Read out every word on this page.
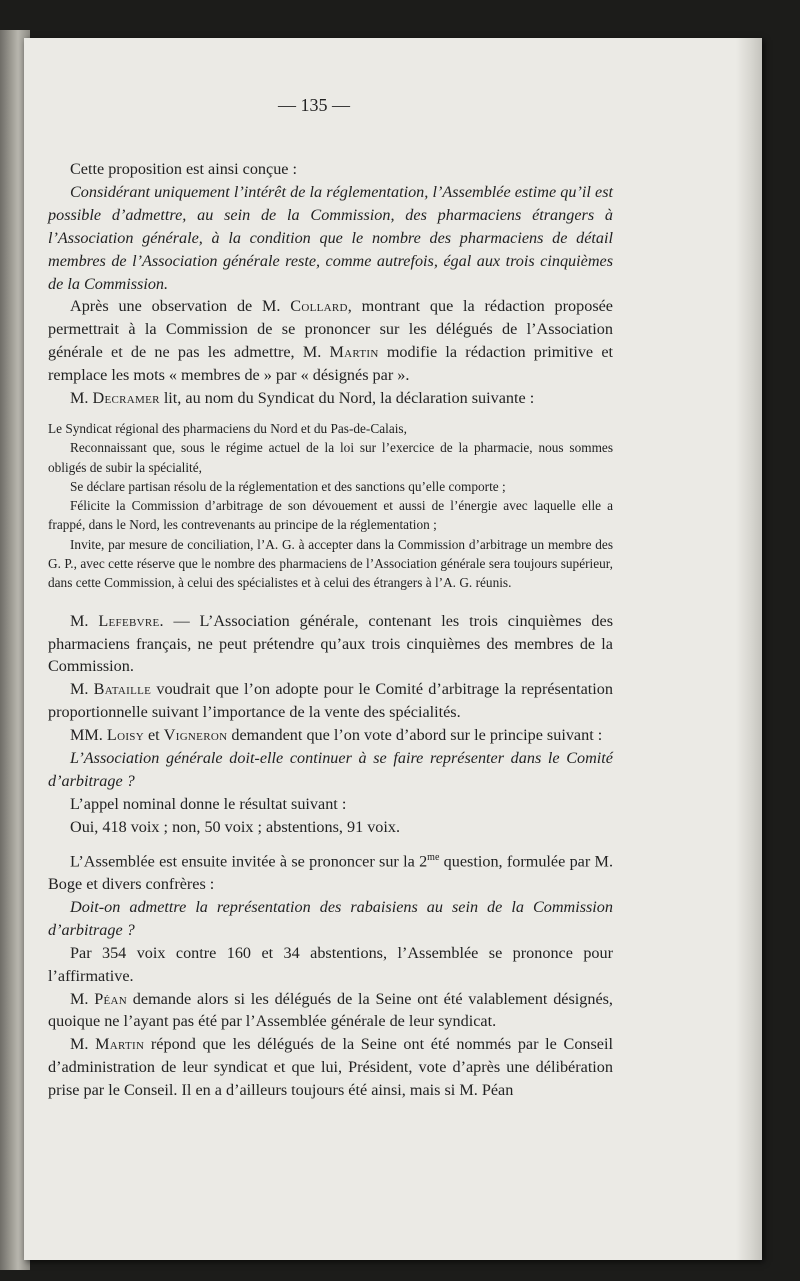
— 135 —

Cette proposition est ainsi conçue :

Considérant uniquement l’intérêt de la réglementation, l’Assemblée estime qu’il est possible d’admettre, au sein de la Commission, des pharmaciens étrangers à l’Association générale, à la condition que le nombre des pharmaciens de détail membres de l’Association générale reste, comme autrefois, égal aux trois cinquièmes de la Commission.

Après une observation de M. Collard, montrant que la rédaction proposée permettrait à la Commission de se prononcer sur les délégués de l’Association générale et de ne pas les admettre, M. Martin modifie la rédaction primitive et remplace les mots « membres de » par « désignés par ».

M. Decramer lit, au nom du Syndicat du Nord, la déclaration suivante :

Le Syndicat régional des pharmaciens du Nord et du Pas-de-Calais,

Reconnaissant que, sous le régime actuel de la loi sur l’exercice de la pharmacie, nous sommes obligés de subir la spécialité,

Se déclare partisan résolu de la réglementation et des sanctions qu’elle comporte ;

Félicite la Commission d’arbitrage de son dévouement et aussi de l’énergie avec laquelle elle a frappé, dans le Nord, les contrevenants au principe de la réglementation ;

Invite, par mesure de conciliation, l’A. G. à accepter dans la Commission d’arbitrage un membre des G. P., avec cette réserve que le nombre des pharmaciens de l’Association générale sera toujours supérieur, dans cette Commission, à celui des spécialistes et à celui des étrangers à l’A. G. réunis.

M. Lefebvre. — L’Association générale, contenant les trois cinquièmes des pharmaciens français, ne peut prétendre qu’aux trois cinquièmes des membres de la Commission.

M. Bataille voudrait que l’on adopte pour le Comité d’arbitrage la représentation proportionnelle suivant l’importance de la vente des spécialités.

MM. Loisy et Vigneron demandent que l’on vote d’abord sur le principe suivant :

L’Association générale doit-elle continuer à se faire représenter dans le Comité d’arbitrage ?

L’appel nominal donne le résultat suivant :

Oui, 418 voix ; non, 50 voix ; abstentions, 91 voix.

L’Assemblée est ensuite invitée à se prononcer sur la $2^{me}$ question, formulée par M. Boge et divers confrères :

Doit-on admettre la représentation des rabaisiens au sein de la Commission d’arbitrage ?

Par 354 voix contre 160 et 34 abstentions, l’Assemblée se prononce pour l’affirmative.

M. Péan demande alors si les délégués de la Seine ont été valablement désignés, quoique ne l’ayant pas été par l’Assemblée générale de leur syndicat.

M. Martin répond que les délégués de la Seine ont été nommés par le Conseil d’administration de leur syndicat et que lui, Président, vote d’après une délibération prise par le Conseil. Il en a d’ailleurs toujours été ainsi, mais si M. Péan
